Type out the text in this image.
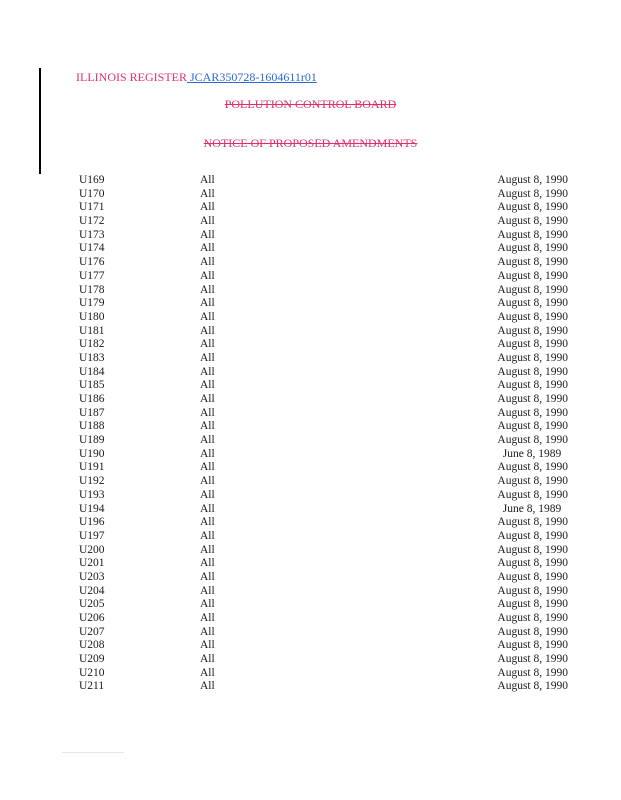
ILLINOIS REGISTER JCAR350728-1604611r01
POLLUTION CONTROL BOARD
NOTICE OF PROPOSED AMENDMENTS
U169	All	August 8, 1990
U170	All	August 8, 1990
U171	All	August 8, 1990
U172	All	August 8, 1990
U173	All	August 8, 1990
U174	All	August 8, 1990
U176	All	August 8, 1990
U177	All	August 8, 1990
U178	All	August 8, 1990
U179	All	August 8, 1990
U180	All	August 8, 1990
U181	All	August 8, 1990
U182	All	August 8, 1990
U183	All	August 8, 1990
U184	All	August 8, 1990
U185	All	August 8, 1990
U186	All	August 8, 1990
U187	All	August 8, 1990
U188	All	August 8, 1990
U189	All	August 8, 1990
U190	All	June 8, 1989
U191	All	August 8, 1990
U192	All	August 8, 1990
U193	All	August 8, 1990
U194	All	June 8, 1989
U196	All	August 8, 1990
U197	All	August 8, 1990
U200	All	August 8, 1990
U201	All	August 8, 1990
U203	All	August 8, 1990
U204	All	August 8, 1990
U205	All	August 8, 1990
U206	All	August 8, 1990
U207	All	August 8, 1990
U208	All	August 8, 1990
U209	All	August 8, 1990
U210	All	August 8, 1990
U211	All	August 8, 1990
